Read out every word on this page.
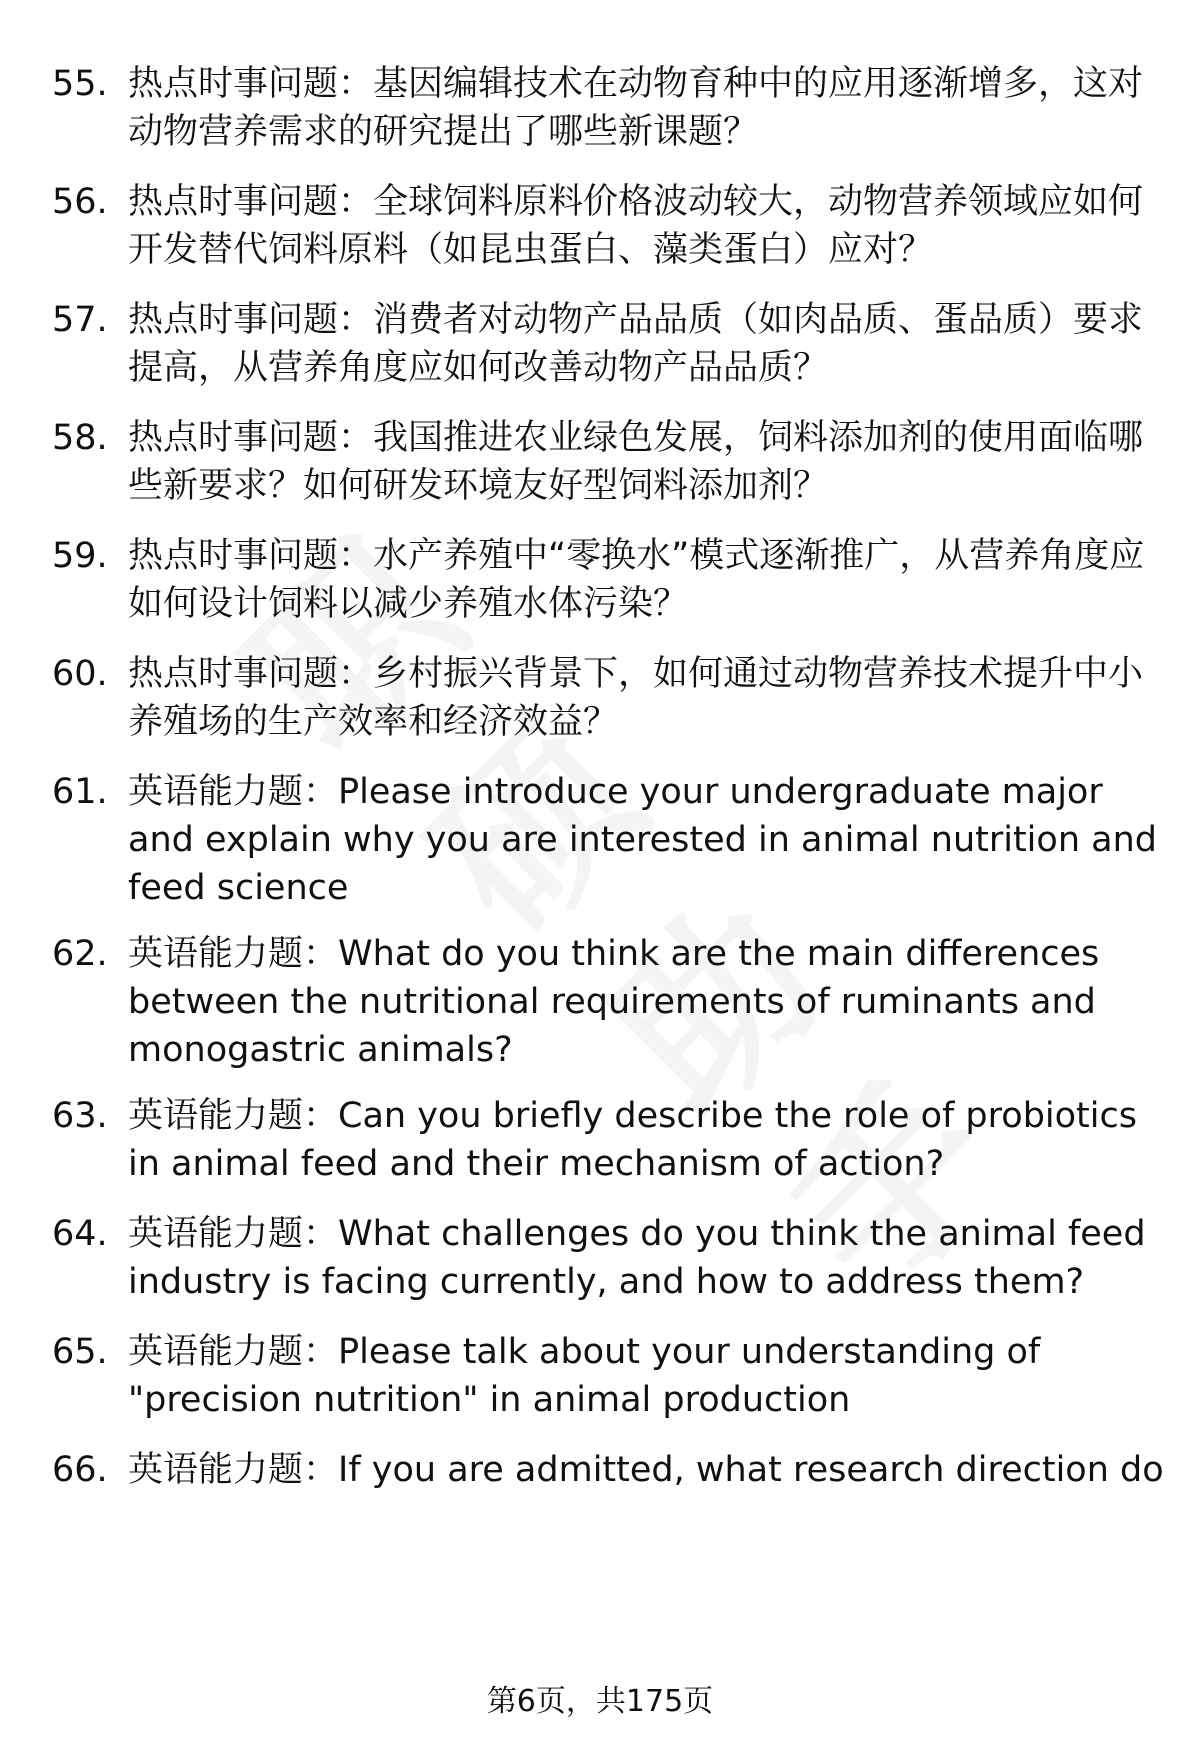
55. 热点时事问题：基因编辑技术在动物育种中的应用逐渐增多，这对动物营养需求的研究提出了哪些新课题？
56. 热点时事问题：全球饲料原料价格波动较大，动物营养领域应如何开发替代饲料原料（如昆虫蛋白、藻类蛋白）应对？
57. 热点时事问题：消费者对动物产品品质（如肉品质、蛋品质）要求提高，从营养角度应如何改善动物产品品质？
58. 热点时事问题：我国推进农业绿色发展，饲料添加剂的使用面临哪些新要求？如何研发环境友好型饲料添加剂？
59. 热点时事问题：水产养殖中“零换水”模式逐渐推广，从营养角度应如何设计饲料以减少养殖水体污染？
60. 热点时事问题：乡村振兴背景下，如何通过动物营养技术提升中小养殖场的生产效率和经济效益？
61. 英语能力题：Please introduce your undergraduate major and explain why you are interested in animal nutrition and feed science
62. 英语能力题：What do you think are the main differences between the nutritional requirements of ruminants and monogastric animals?
63. 英语能力题：Can you briefly describe the role of probiotics in animal feed and their mechanism of action?
64. 英语能力题：What challenges do you think the animal feed industry is facing currently, and how to address them?
65. 英语能力题：Please talk about your understanding of "precision nutrition" in animal production
66. 英语能力题：If you are admitted, what research direction do
第6页，共175页
